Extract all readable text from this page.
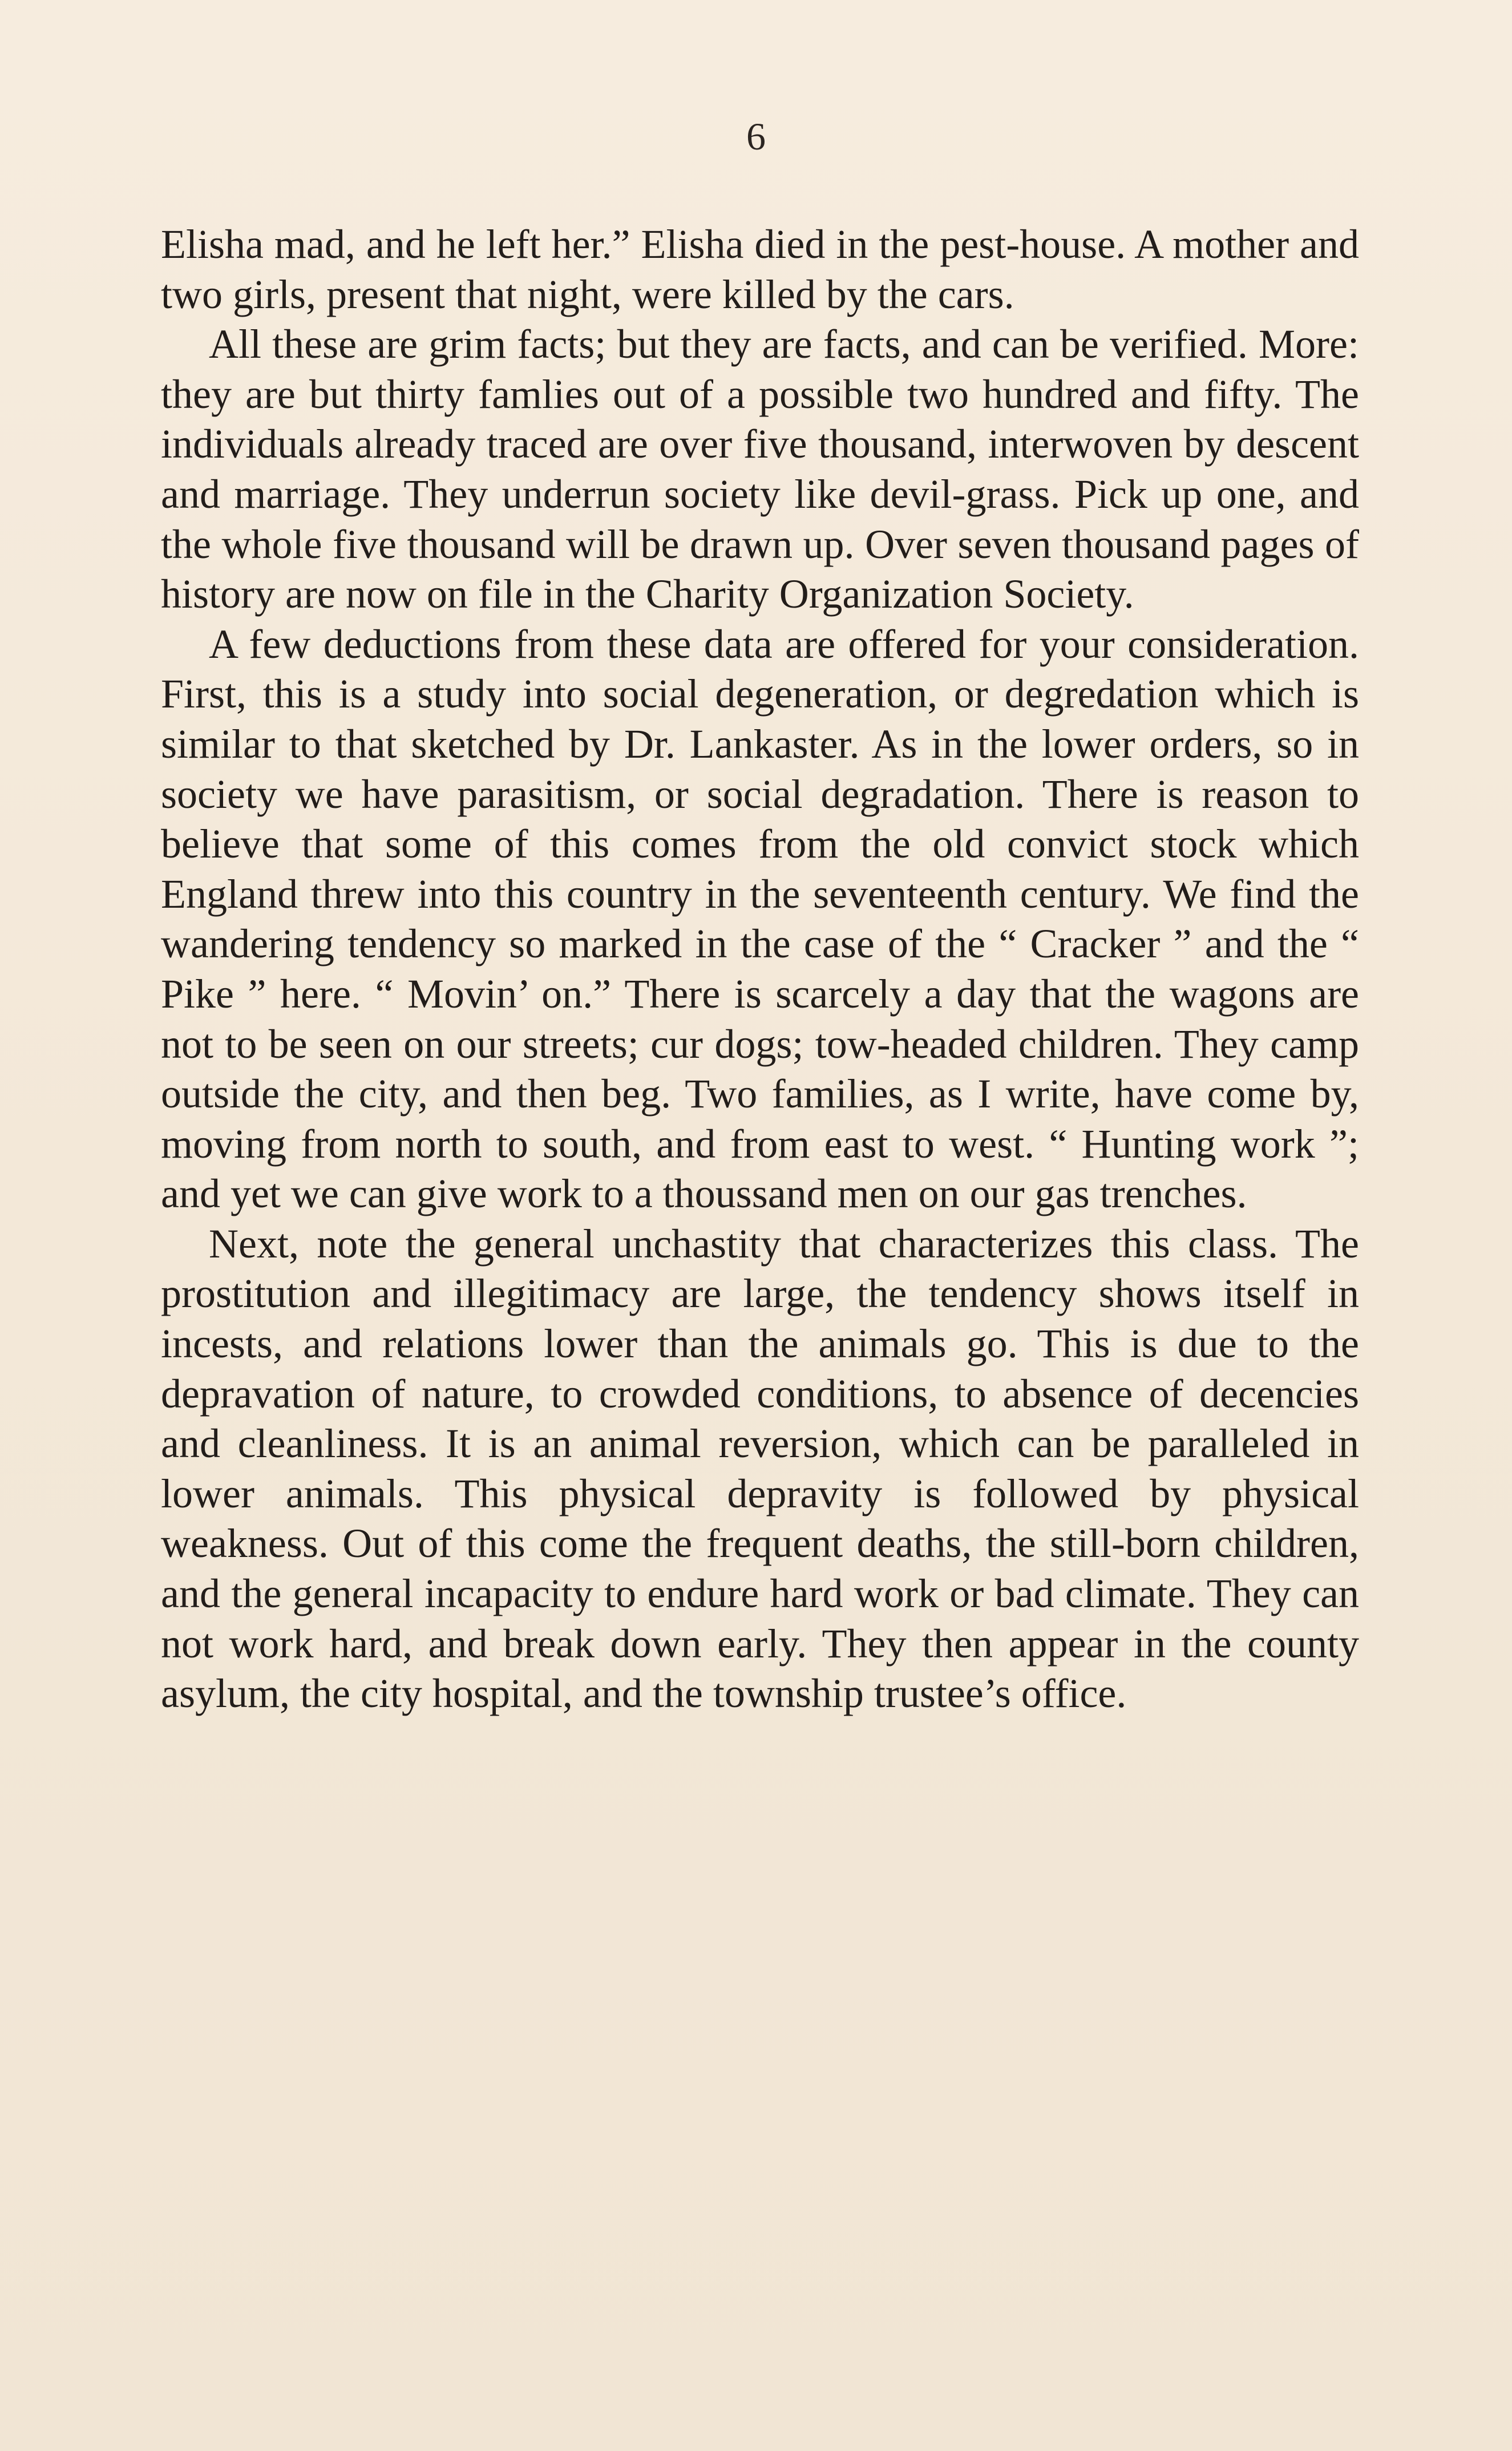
6

Elisha mad, and he left her.” Elisha died in the pest-house. A mother and two girls, present that night, were killed by the cars.

All these are grim facts; but they are facts, and can be verified. More: they are but thirty famlies out of a possible two hundred and fifty. The individuals already traced are over five thousand, interwoven by descent and marriage. They underrun society like devil-grass. Pick up one, and the whole five thousand will be drawn up. Over seven thousand pages of history are now on file in the Charity Organization Society.

A few deductions from these data are offered for your consideration. First, this is a study into social degeneration, or degredation which is similar to that sketched by Dr. Lankaster. As in the lower orders, so in society we have parasitism, or social degradation. There is reason to believe that some of this comes from the old convict stock which England threw into this country in the seventeenth century. We find the wandering tendency so marked in the case of the “ Cracker ” and the “ Pike ” here. “ Movin’ on.” There is scarcely a day that the wagons are not to be seen on our streets; cur dogs; tow-headed children. They camp outside the city, and then beg. Two families, as I write, have come by, moving from north to south, and from east to west. “ Hunting work ”; and yet we can give work to a thoussand men on our gas trenches.

Next, note the general unchastity that characterizes this class. The prostitution and illegitimacy are large, the tendency shows itself in incests, and relations lower than the animals go. This is due to the depravation of nature, to crowded conditions, to absence of decencies and cleanliness. It is an animal reversion, which can be paralleled in lower animals. This physical depravity is followed by physical weakness. Out of this come the frequent deaths, the still-born children, and the general incapacity to endure hard work or bad climate. They can not work hard, and break down early. They then appear in the county asylum, the city hospital, and the township trustee’s office.
